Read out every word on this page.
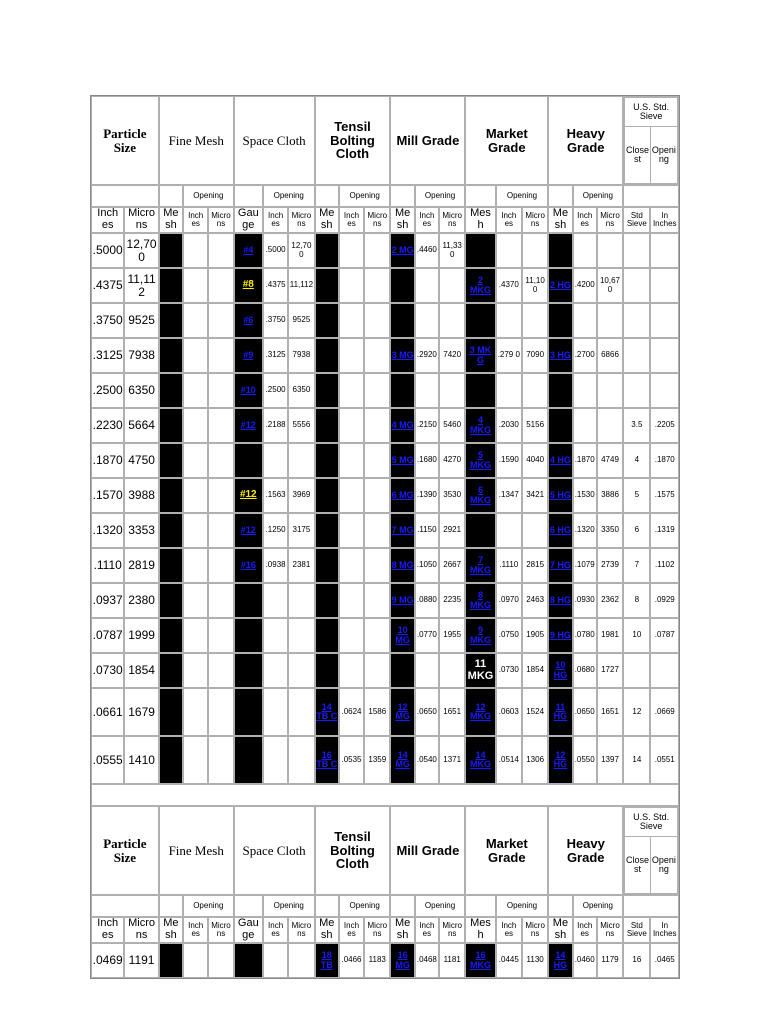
Particle Size	Fine Mesh	Space Cloth	Tensil Bolting Cloth	Mill Grade	Market Grade	Heavy Grade	
U.S. Std. Sieve
Close st	Openi ng

		Opening		Opening		Opening		Opening		Opening		Opening	
Inch es	Micro ns	Me sh	Inch es	Micro ns	Gau ge	Inch es	Micro ns	Me sh	Inch es	Micro ns	Me sh	Inch es	Micro ns	Mes h	Inch es	Micro ns	Me sh	Inch es	Micro ns	Std Sieve	In Inches
.5000	12,70 0				#4	.5000	12,70 0				2 MG	.4460	11,33 0								
.4375	11,11 2				#8	.4375	11,112							2 MKG	.4370	11,10 0	2 HG	.4200	10,67 0		
.3750	9525				#6	.3750	9525														
.3125	7938				#9	.3125	7938				3 MG	.2920	7420	3 MK G	.279 0	7090	3 HG	.2700	6866		
.2500	6350				#10	.2500	6350														
.2230	5664				#12	.2188	5556				4 MG	.2150	5460	4 MKG	.2030	5156				3.5	.2205
.1870	4750										5 MG	.1680	4270	5 MKG	.1590	4040	4 HG	.1870	4749	4	.1870
.1570	3988				#12	.1563	3969				6 MG	.1390	3530	6 MKG	.1347	3421	5 HG	.1530	3886	5	.1575
.1320	3353				#12	.1250	3175				7 MG	.1150	2921				6 HG	.1320	3350	6	.1319
.1110	2819				#16	.0938	2381				8 MG	.1050	2667	7 MKG	.1110	2815	7 HG	.1079	2739	7	.1102
.0937	2380										9 MG	.0880	2235	8 MKG	.0970	2463	8 HG	.0930	2362	8	.0929
.0787	1999										10 MG	.0770	1955	9 MKG	.0750	1905	9 HG	.0780	1981	10	.0787
.0730	1854													11 MKG	.0730	1854	10 HG	.0680	1727		
.0661	1679							14 TB C	.0624	1586	12 MG	.0650	1651	12 MKG	.0603	1524	11 HG	.0650	1651	12	.0669
.0555	1410							16 TB C	.0535	1359	14 MG	.0540	1371	14 MKG	.0514	1306	12 HG	.0550	1397	14	.0551

Particle Size	Fine Mesh	Space Cloth	Tensil Bolting Cloth	Mill Grade	Market Grade	Heavy Grade	
U.S. Std. Sieve
Close st	Openi ng

		Opening		Opening		Opening		Opening		Opening		Opening	
Inch es	Micro ns	Me sh	Inch es	Micro ns	Gau ge	Inch es	Micro ns	Me sh	Inch es	Micro ns	Me sh	Inch es	Micro ns	Mes h	Inch es	Micro ns	Me sh	Inch es	Micro ns	Std Sieve	In Inches
.0469	1191							18 TB	.0466	1183	16 MG	.0468	1181	16 MKG	.0445	1130	14 HG	.0460	1179	16	.0465
